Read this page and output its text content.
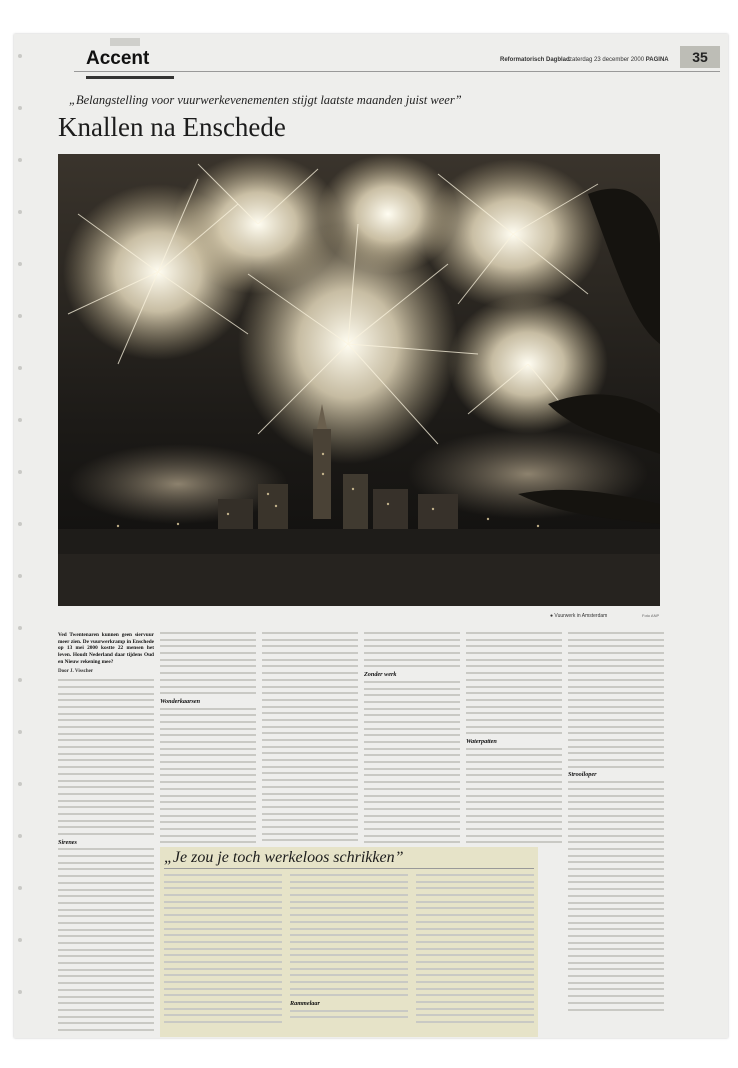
Accent	Reformatorisch Dagblad zaterdag 23 december 2000 PAGINA	35
„Belangstelling voor vuurwerkevenementen stijgt laatste maanden juist weer”
Knallen na Enschede
● Vuurwerk in Amsterdam	Foto ANP
Ved Twentenaren kunnen geen siervuur meer zien. De vuurwerkramp in Enschede op 13 mei 2000 kostte 22 mensen het leven. Houdt Nederland daar tijdens Oud en Nieuw rekening mee?
Door J. Visscher
Sirenes
Wonderkaarsen
Zonder werk
Waterpatten
Strooiloper
„Je zou je toch werkeloos schrikken”
Rammelaar
